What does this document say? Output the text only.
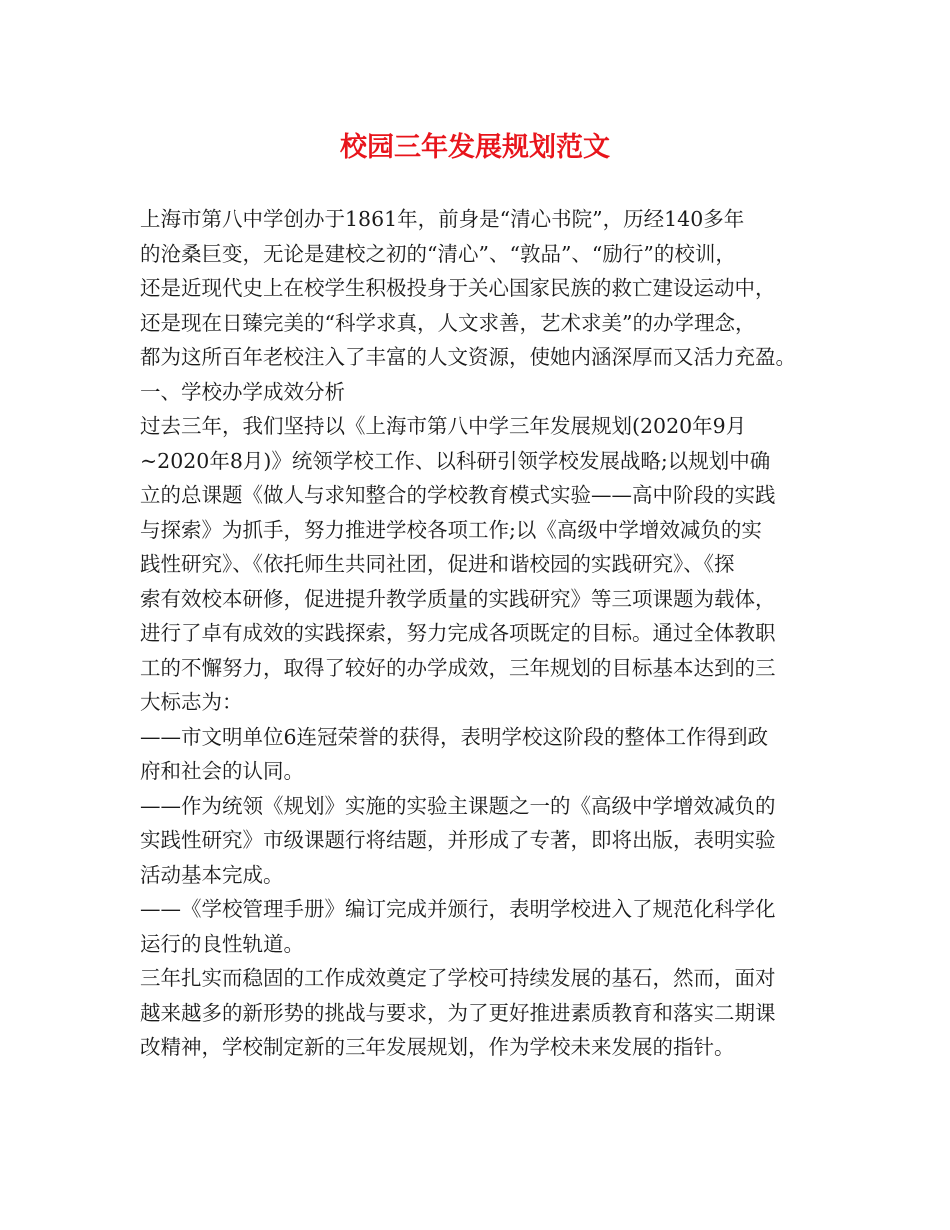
校园三年发展规划范文

上海市第八中学创办于1861年，前身是“清心书院”，历经140多年

的沧桑巨变，无论是建校之初的“清心”、“敦品”、“励行”的校训，

还是近现代史上在校学生积极投身于关心国家民族的救亡建设运动中，

还是现在日臻完美的“科学求真，人文求善，艺术求美”的办学理念，

都为这所百年老校注入了丰富的人文资源，使她内涵深厚而又活力充盈。

一、学校办学成效分析

过去三年，我们坚持以《上海市第八中学三年发展规划(2020年9月

~2020年8月)》统领学校工作、以科研引领学校发展战略;以规划中确

立的总课题《做人与求知整合的学校教育模式实验——高中阶段的实践

与探索》为抓手，努力推进学校各项工作;以《高级中学增效减负的实

践性研究》、《依托师生共同社团，促进和谐校园的实践研究》、《探

索有效校本研修，促进提升教学质量的实践研究》等三项课题为载体，

进行了卓有成效的实践探索，努力完成各项既定的目标。通过全体教职

工的不懈努力，取得了较好的办学成效，三年规划的目标基本达到的三

大标志为：

——市文明单位6连冠荣誉的获得，表明学校这阶段的整体工作得到政

府和社会的认同。

——作为统领《规划》实施的实验主课题之一的《高级中学增效减负的

实践性研究》市级课题行将结题，并形成了专著，即将出版，表明实验

活动基本完成。

——《学校管理手册》编订完成并颁行，表明学校进入了规范化科学化

运行的良性轨道。

三年扎实而稳固的工作成效奠定了学校可持续发展的基石，然而，面对

越来越多的新形势的挑战与要求，为了更好推进素质教育和落实二期课

改精神，学校制定新的三年发展规划，作为学校未来发展的指针。
